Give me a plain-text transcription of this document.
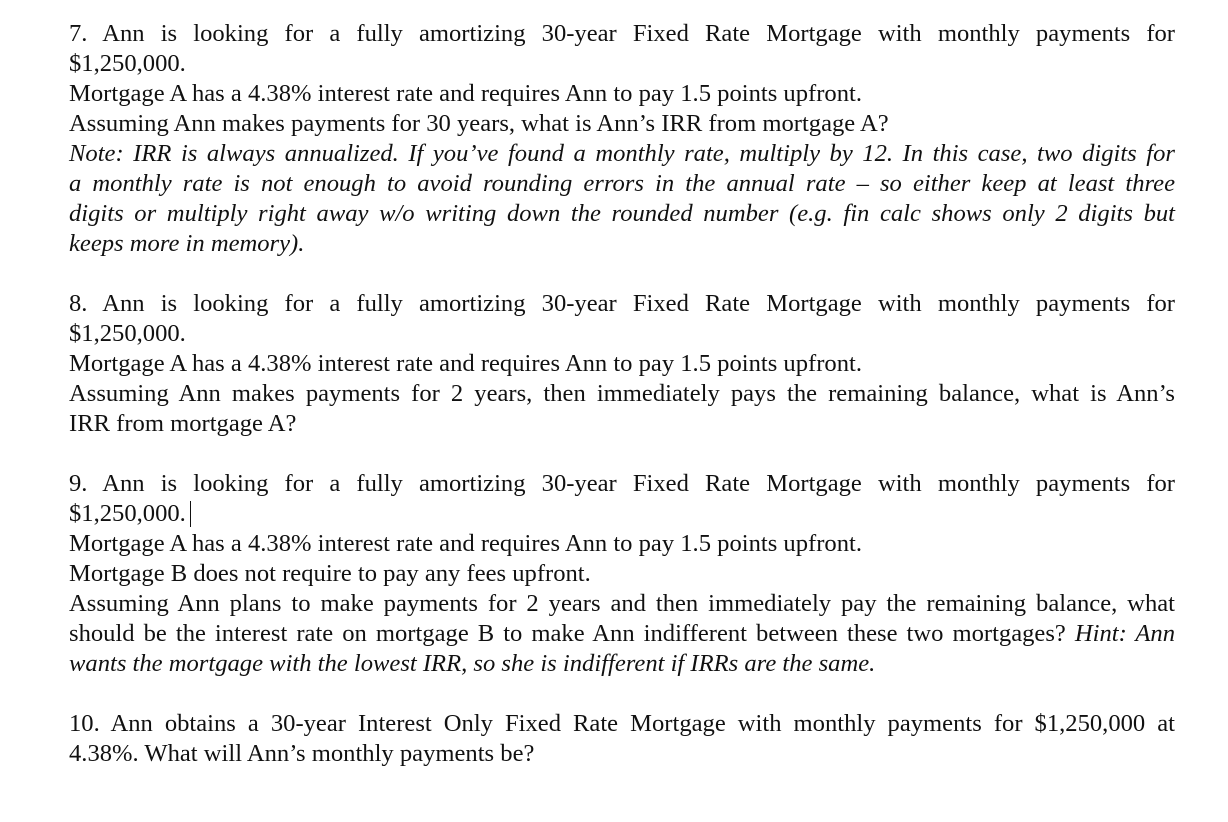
7. Ann is looking for a fully amortizing 30-year Fixed Rate Mortgage with monthly payments for
$1,250,000.
Mortgage A has a 4.38% interest rate and requires Ann to pay 1.5 points upfront.
Assuming Ann makes payments for 30 years, what is Ann’s IRR from mortgage A?
Note: IRR is always annualized. If you’ve found a monthly rate, multiply by 12. In this case, two digits for
a monthly rate is not enough to avoid rounding errors in the annual rate – so either keep at least three
digits or multiply right away w/o writing down the rounded number (e.g. fin calc shows only 2 digits but
keeps more in memory).

8. Ann is looking for a fully amortizing 30-year Fixed Rate Mortgage with monthly payments for
$1,250,000.
Mortgage A has a 4.38% interest rate and requires Ann to pay 1.5 points upfront.
Assuming Ann makes payments for 2 years, then immediately pays the remaining balance, what is Ann’s
IRR from mortgage A?

9. Ann is looking for a fully amortizing 30-year Fixed Rate Mortgage with monthly payments for
$1,250,000.
Mortgage A has a 4.38% interest rate and requires Ann to pay 1.5 points upfront.
Mortgage B does not require to pay any fees upfront.
Assuming Ann plans to make payments for 2 years and then immediately pay the remaining balance, what
should be the interest rate on mortgage B to make Ann indifferent between these two mortgages? Hint: Ann
wants the mortgage with the lowest IRR, so she is indifferent if IRRs are the same.

10. Ann obtains a 30-year Interest Only Fixed Rate Mortgage with monthly payments for $1,250,000 at
4.38%. What will Ann’s monthly payments be?
